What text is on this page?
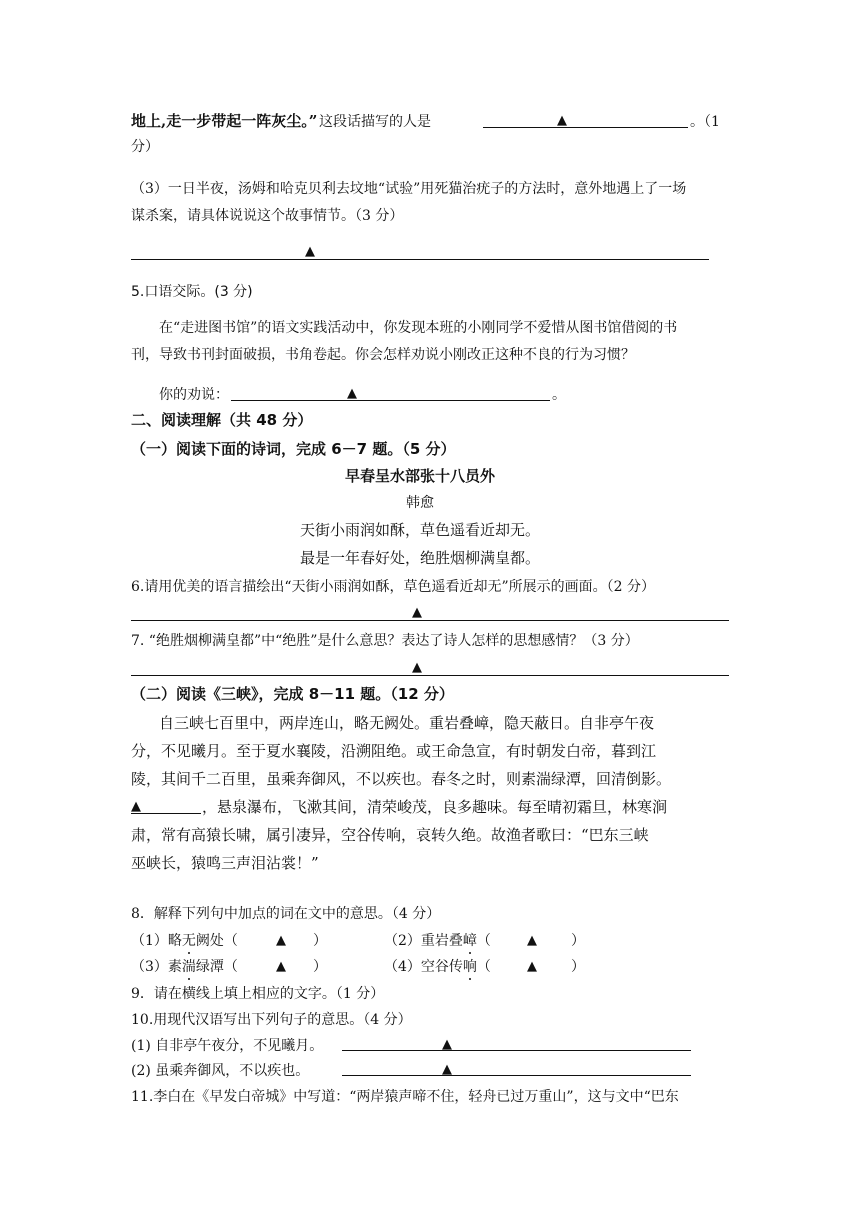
地上,走一步带起一阵灰尘。” 这段话描写的人是	▲	。（1
分）
（3）一日半夜，汤姆和哈克贝利去坟地“试验”用死猫治疣子的方法时，意外地遇上了一场
谋杀案，请具体说说这个故事情节。（3 分）
▲
5.口语交际。(3 分)
在“走进图书馆”的语文实践活动中，你发现本班的小刚同学不爱惜从图书馆借阅的书
刊，导致书刊封面破损，书角卷起。你会怎样劝说小刚改正这种不良的行为习惯？
你的劝说：	▲	。
二、阅读理解（共 48 分）
（一）阅读下面的诗词，完成 6－7 题。（5 分）
早春呈水部张十八员外
韩愈
天街小雨润如酥，草色遥看近却无。
最是一年春好处，绝胜烟柳满皇都。
6.请用优美的语言描绘出“天街小雨润如酥，草色遥看近却无”所展示的画面。（2 分）
▲
7. “绝胜烟柳满皇都”中“绝胜”是什么意思？表达了诗人怎样的思想感情？（3 分）
▲
（二）阅读《三峡》，完成 8－11 题。（12 分）
自三峡七百里中，两岸连山，略无阙处。重岩叠嶂，隐天蔽日。自非亭午夜
分，不见曦月。至于夏水襄陵，沿溯阻绝。或王命急宣，有时朝发白帝，暮到江
陵，其间千二百里，虽乘奔御风，不以疾也。春冬之时，则素湍绿潭，回清倒影。
▲	，悬泉瀑布，飞漱其间，清荣峻茂，良多趣味。每至晴初霜旦，林寒涧
肃，常有高猿长啸，属引凄异，空谷传响，哀转久绝。故渔者歌曰：“巴东三峡
巫峡长，猿鸣三声泪沾裳！”
8．解释下列句中加点的词在文中的意思。（4 分）
（1）略无阙处（	▲ ）	（2）重岩叠嶂（	▲ ）
（3）素湍绿潭（	▲ ）	（4）空谷传响（	▲ ）
9．请在横线上填上相应的文字。（1 分）
10.用现代汉语写出下列句子的意思。（4 分）
(1) 自非亭午夜分，不见曦月。	▲
(2) 虽乘奔御风，不以疾也。	▲
11.李白在《早发白帝城》中写道：“两岸猿声啼不住，轻舟已过万重山”，这与文中“巴东
